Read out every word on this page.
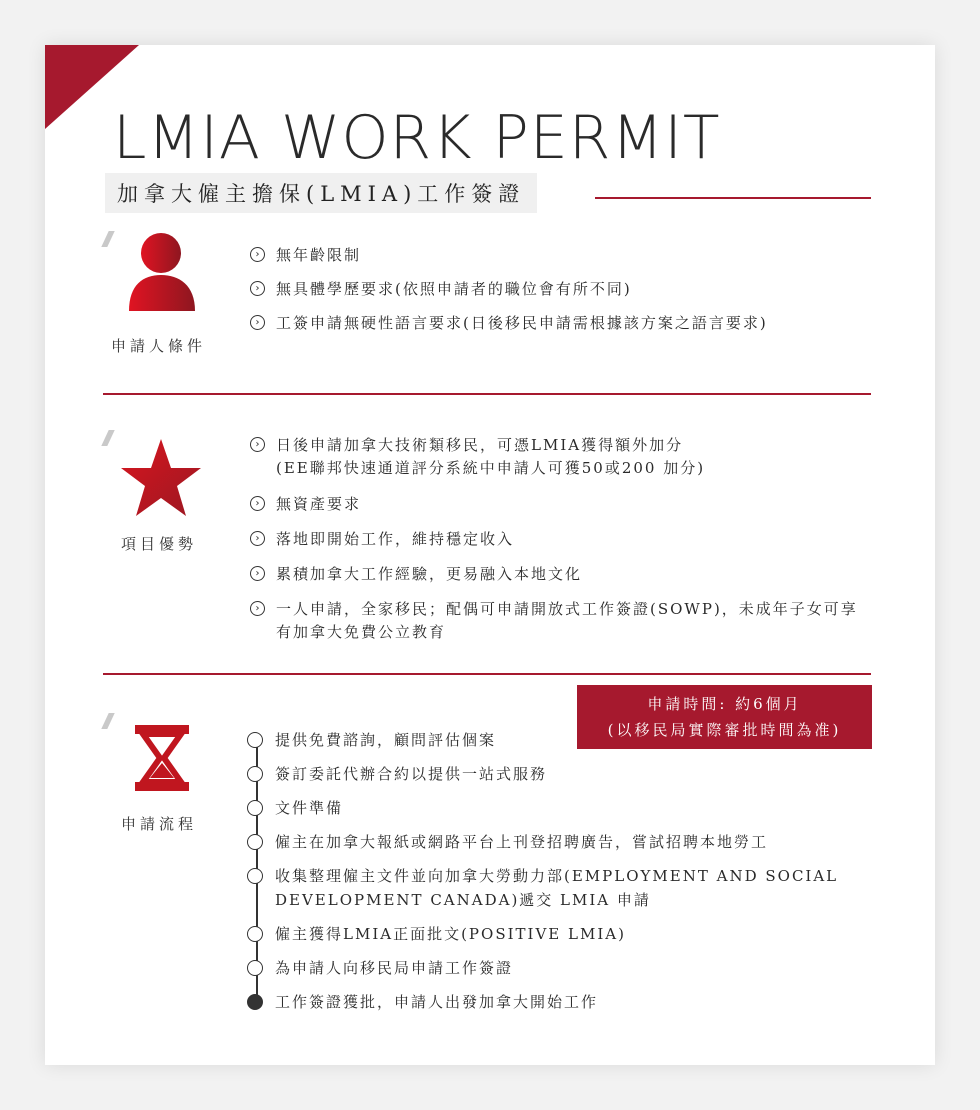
LMIA WORK PERMIT
加拿大僱主擔保(LMIA)工作簽證
申請人條件
›	無年齡限制
›	無具體學歷要求(依照申請者的職位會有所不同)
›	工簽申請無硬性語言要求(日後移民申請需根據該方案之語言要求)
項目優勢
›	日後申請加拿大技術類移民，可憑LMIA獲得額外加分
(EE聯邦快速通道評分系統中申請人可獲50或200 加分)
›	無資產要求
›	落地即開始工作，維持穩定收入
›	累積加拿大工作經驗，更易融入本地文化
›	一人申請，全家移民；配偶可申請開放式工作簽證(SOWP)，未成年子女可享
有加拿大免費公立教育
申請時間: 約6個月
(以移民局實際審批時間為准)
申請流程
提供免費諮詢，顧問評估個案
簽訂委託代辦合約以提供一站式服務
文件準備
僱主在加拿大報紙或網路平台上刊登招聘廣告，嘗試招聘本地勞工
收集整理僱主文件並向加拿大勞動力部(EMPLOYMENT AND SOCIAL
DEVELOPMENT CANADA)遞交 LMIA 申請
僱主獲得LMIA正面批文(POSITIVE LMIA)
為申請人向移民局申請工作簽證
工作簽證獲批，申請人出發加拿大開始工作
